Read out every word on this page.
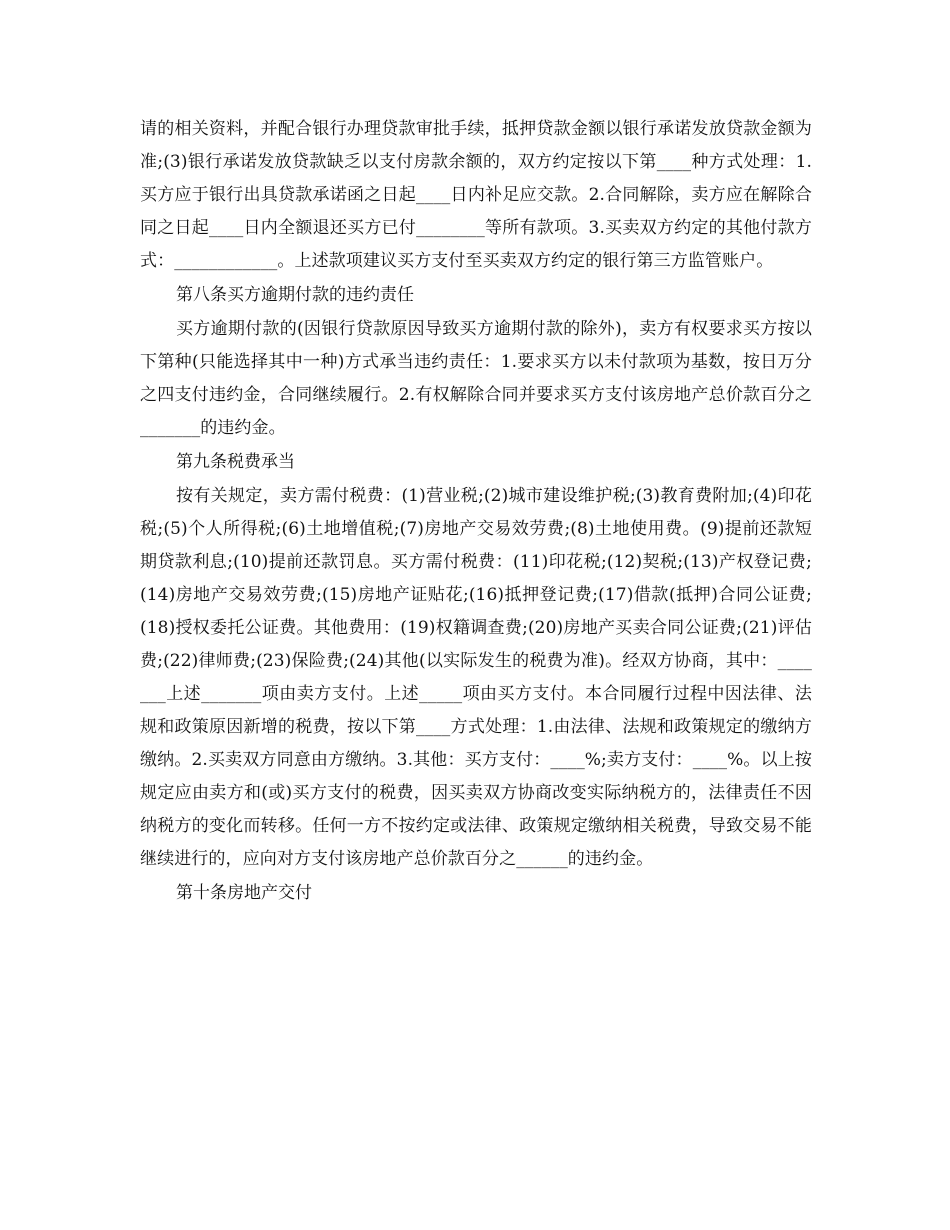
请的相关资料，并配合银行办理贷款审批手续，抵押贷款金额以银行承诺发放贷款金额为准;(3)银行承诺发放贷款缺乏以支付房款余额的，双方约定按以下第____种方式处理：1.买方应于银行出具贷款承诺函之日起____日内补足应交款。2.合同解除，卖方应在解除合同之日起____日内全额退还买方已付________等所有款项。3.买卖双方约定的其他付款方式：____________。上述款项建议买方支付至买卖双方约定的银行第三方监管账户。

第八条买方逾期付款的违约责任

买方逾期付款的(因银行贷款原因导致买方逾期付款的除外)，卖方有权要求买方按以下第种(只能选择其中一种)方式承当违约责任：1.要求买方以未付款项为基数，按日万分之四支付违约金，合同继续履行。2.有权解除合同并要求买方支付该房地产总价款百分之_______的违约金。

第九条税费承当

按有关规定，卖方需付税费：(1)营业税;(2)城市建设维护税;(3)教育费附加;(4)印花税;(5)个人所得税;(6)土地增值税;(7)房地产交易效劳费;(8)土地使用费。(9)提前还款短期贷款利息;(10)提前还款罚息。买方需付税费：(11)印花税;(12)契税;(13)产权登记费;(14)房地产交易效劳费;(15)房地产证贴花;(16)抵押登记费;(17)借款(抵押)合同公证费;(18)授权委托公证费。其他费用：(19)权籍调查费;(20)房地产买卖合同公证费;(21)评估费;(22)律师费;(23)保险费;(24)其他(以实际发生的税费为准)。经双方协商，其中：_______上述_______项由卖方支付。上述_____项由买方支付。本合同履行过程中因法律、法规和政策原因新增的税费，按以下第____方式处理：1.由法律、法规和政策规定的缴纳方缴纳。2.买卖双方同意由方缴纳。3.其他：买方支付：____%;卖方支付：____%。以上按规定应由卖方和(或)买方支付的税费，因买卖双方协商改变实际纳税方的，法律责任不因纳税方的变化而转移。任何一方不按约定或法律、政策规定缴纳相关税费，导致交易不能继续进行的，应向对方支付该房地产总价款百分之______的违约金。

第十条房地产交付
